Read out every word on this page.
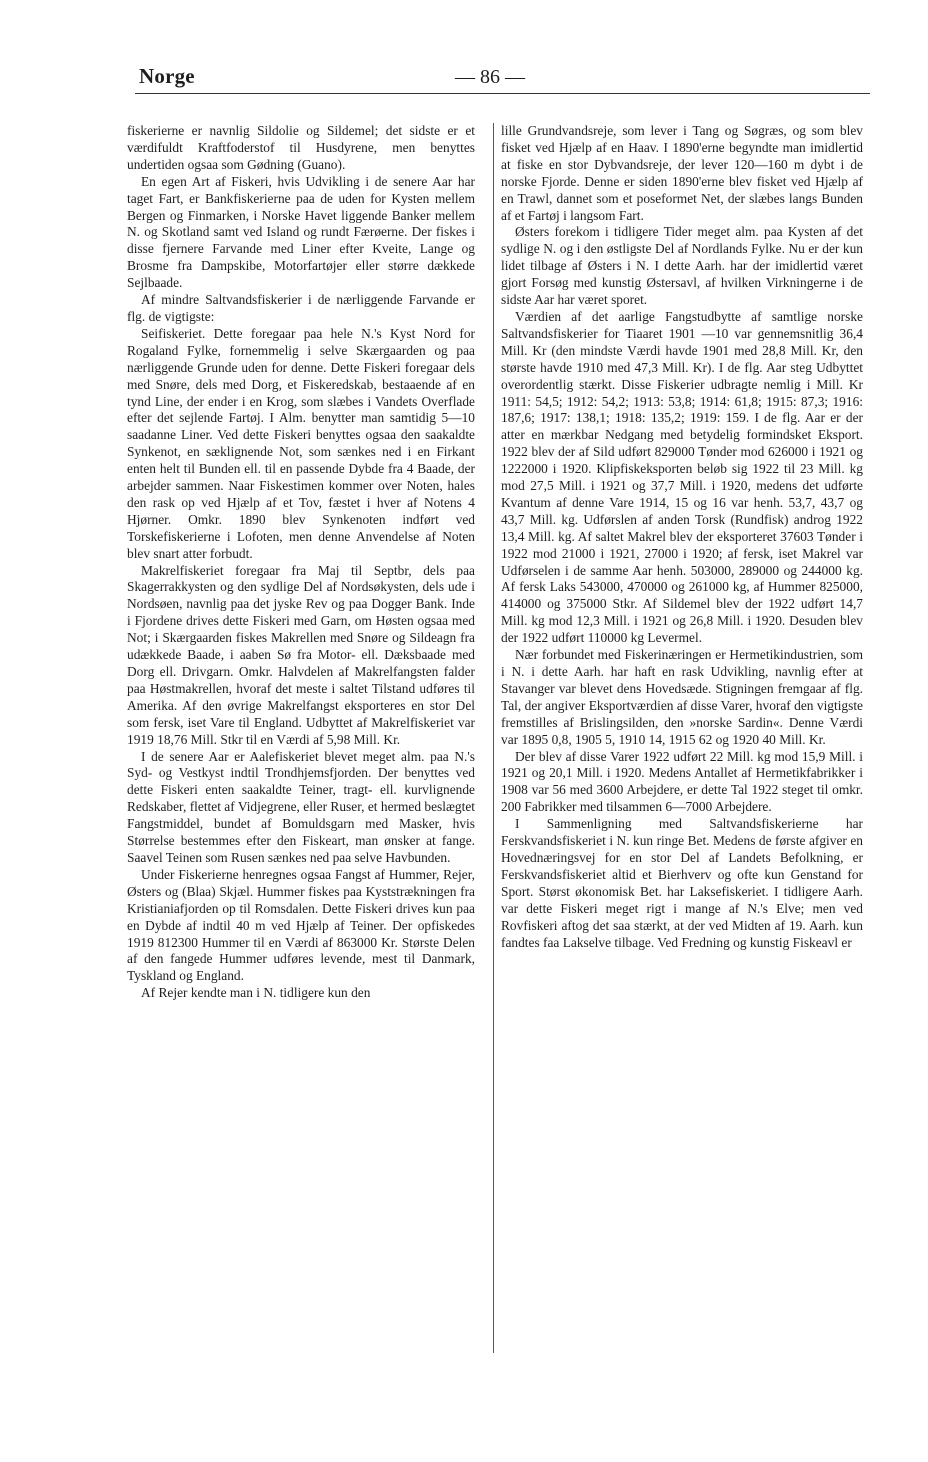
Norge	— 86 —

fiskerierne er navnlig Sildolie og Sildemel; det sidste er et værdifuldt Kraftfoderstof til Husdyrene, men benyttes undertiden ogsaa som Gødning (Guano).

En egen Art af Fiskeri, hvis Udvikling i de senere Aar har taget Fart, er Bankfiskerierne paa de uden for Kysten mellem Bergen og Finmarken, i Norske Havet liggende Banker mellem N. og Skotland samt ved Island og rundt Færøerne. Der fiskes i disse fjernere Farvande med Liner efter Kveite, Lange og Brosme fra Dampskibe, Motorfartøjer eller større dækkede Sejlbaade.

Af mindre Saltvandsfiskerier i de nærliggende Farvande er flg. de vigtigste:

Seifiskeriet. Dette foregaar paa hele N.'s Kyst Nord for Rogaland Fylke, fornemmelig i selve Skærgaarden og paa nærliggende Grunde uden for denne. Dette Fiskeri foregaar dels med Snøre, dels med Dorg, et Fiskeredskab, bestaaende af en tynd Line, der ender i en Krog, som slæbes i Vandets Overflade efter det sejlende Fartøj. I Alm. benytter man samtidig 5—10 saadanne Liner. Ved dette Fiskeri benyttes ogsaa den saakaldte Synkenot, en sæklignende Not, som sænkes ned i en Firkant enten helt til Bunden ell. til en passende Dybde fra 4 Baade, der arbejder sammen. Naar Fiskestimen kommer over Noten, hales den rask op ved Hjælp af et Tov, fæstet i hver af Notens 4 Hjørner. Omkr. 1890 blev Synkenoten indført ved Torskefiskerierne i Lofoten, men denne Anvendelse af Noten blev snart atter forbudt.

Makrelfiskeriet foregaar fra Maj til Septbr, dels paa Skagerrakkysten og den sydlige Del af Nordsøkysten, dels ude i Nordsøen, navnlig paa det jyske Rev og paa Dogger Bank. Inde i Fjordene drives dette Fiskeri med Garn, om Høsten ogsaa med Not; i Skærgaarden fiskes Makrellen med Snøre og Sildeagn fra udækkede Baade, i aaben Sø fra Motor- ell. Dæksbaade med Dorg ell. Drivgarn. Omkr. Halvdelen af Makrelfangsten falder paa Høstmakrellen, hvoraf det meste i saltet Tilstand udføres til Amerika. Af den øvrige Makrelfangst eksporteres en stor Del som fersk, iset Vare til England. Udbyttet af Makrelfiskeriet var 1919 18,76 Mill. Stkr til en Værdi af 5,98 Mill. Kr.

I de senere Aar er Aalefiskeriet blevet meget alm. paa N.'s Syd- og Vestkyst indtil Trondhjemsfjorden. Der benyttes ved dette Fiskeri enten saakaldte Teiner, tragt- ell. kurvlignende Redskaber, flettet af Vidjegrene, eller Ruser, et hermed beslægtet Fangstmiddel, bundet af Bomuldsgarn med Masker, hvis Størrelse bestemmes efter den Fiskeart, man ønsker at fange. Saavel Teinen som Rusen sænkes ned paa selve Havbunden.

Under Fiskerierne henregnes ogsaa Fangst af Hummer, Rejer, Østers og (Blaa) Skjæl. Hummer fiskes paa Kyststrækningen fra Kristianiafjorden op til Romsdalen. Dette Fiskeri drives kun paa en Dybde af indtil 40 m ved Hjælp af Teiner. Der opfiskedes 1919 812300 Hummer til en Værdi af 863000 Kr. Største Delen af den fangede Hummer udføres levende, mest til Danmark, Tyskland og England.

Af Rejer kendte man i N. tidligere kun den

lille Grundvandsreje, som lever i Tang og Søgræs, og som blev fisket ved Hjælp af en Haav. I 1890'erne begyndte man imidlertid at fiske en stor Dybvandsreje, der lever 120—160 m dybt i de norske Fjorde. Denne er siden 1890'erne blev fisket ved Hjælp af en Trawl, dannet som et poseformet Net, der slæbes langs Bunden af et Fartøj i langsom Fart.

Østers forekom i tidligere Tider meget alm. paa Kysten af det sydlige N. og i den østligste Del af Nordlands Fylke. Nu er der kun lidet tilbage af Østers i N. I dette Aarh. har der imidlertid været gjort Forsøg med kunstig Østersavl, af hvilken Virkningerne i de sidste Aar har været sporet.

Værdien af det aarlige Fangstudbytte af samtlige norske Saltvandsfiskerier for Tiaaret 1901 —10 var gennemsnitlig 36,4 Mill. Kr (den mindste Værdi havde 1901 med 28,8 Mill. Kr, den største havde 1910 med 47,3 Mill. Kr). I de flg. Aar steg Udbyttet overordentlig stærkt. Disse Fiskerier udbragte nemlig i Mill. Kr 1911: 54,5; 1912: 54,2; 1913: 53,8; 1914: 61,8; 1915: 87,3; 1916: 187,6; 1917: 138,1; 1918: 135,2; 1919: 159. I de flg. Aar er der atter en mærkbar Nedgang med betydelig formindsket Eksport. 1922 blev der af Sild udført 829000 Tønder mod 626000 i 1921 og 1222000 i 1920. Klipfiskeksporten beløb sig 1922 til 23 Mill. kg mod 27,5 Mill. i 1921 og 37,7 Mill. i 1920, medens det udførte Kvantum af denne Vare 1914, 15 og 16 var henh. 53,7, 43,7 og 43,7 Mill. kg. Udførslen af anden Torsk (Rundfisk) androg 1922 13,4 Mill. kg. Af saltet Makrel blev der eksporteret 37603 Tønder i 1922 mod 21000 i 1921, 27000 i 1920; af fersk, iset Makrel var Udførselen i de samme Aar henh. 503000, 289000 og 244000 kg. Af fersk Laks 543000, 470000 og 261000 kg, af Hummer 825000, 414000 og 375000 Stkr. Af Sildemel blev der 1922 udført 14,7 Mill. kg mod 12,3 Mill. i 1921 og 26,8 Mill. i 1920. Desuden blev der 1922 udført 110000 kg Levermel.

Nær forbundet med Fiskerinæringen er Hermetikindustrien, som i N. i dette Aarh. har haft en rask Udvikling, navnlig efter at Stavanger var blevet dens Hovedsæde. Stigningen fremgaar af flg. Tal, der angiver Eksportværdien af disse Varer, hvoraf den vigtigste fremstilles af Brislingsilden, den »norske Sardin«. Denne Værdi var 1895 0,8, 1905 5, 1910 14, 1915 62 og 1920 40 Mill. Kr.

Der blev af disse Varer 1922 udført 22 Mill. kg mod 15,9 Mill. i 1921 og 20,1 Mill. i 1920. Medens Antallet af Hermetikfabrikker i 1908 var 56 med 3600 Arbejdere, er dette Tal 1922 steget til omkr. 200 Fabrikker med tilsammen 6—7000 Arbejdere.

I Sammenligning med Saltvandsfiskerierne har Ferskvandsfiskeriet i N. kun ringe Bet. Medens de første afgiver en Hovednæringsvej for en stor Del af Landets Befolkning, er Ferskvandsfiskeriet altid et Bierhverv og ofte kun Genstand for Sport. Størst økonomisk Bet. har Laksefiskeriet. I tidligere Aarh. var dette Fiskeri meget rigt i mange af N.'s Elve; men ved Rovfiskeri aftog det saa stærkt, at der ved Midten af 19. Aarh. kun fandtes faa Lakselve tilbage. Ved Fredning og kunstig Fiskeavl er
